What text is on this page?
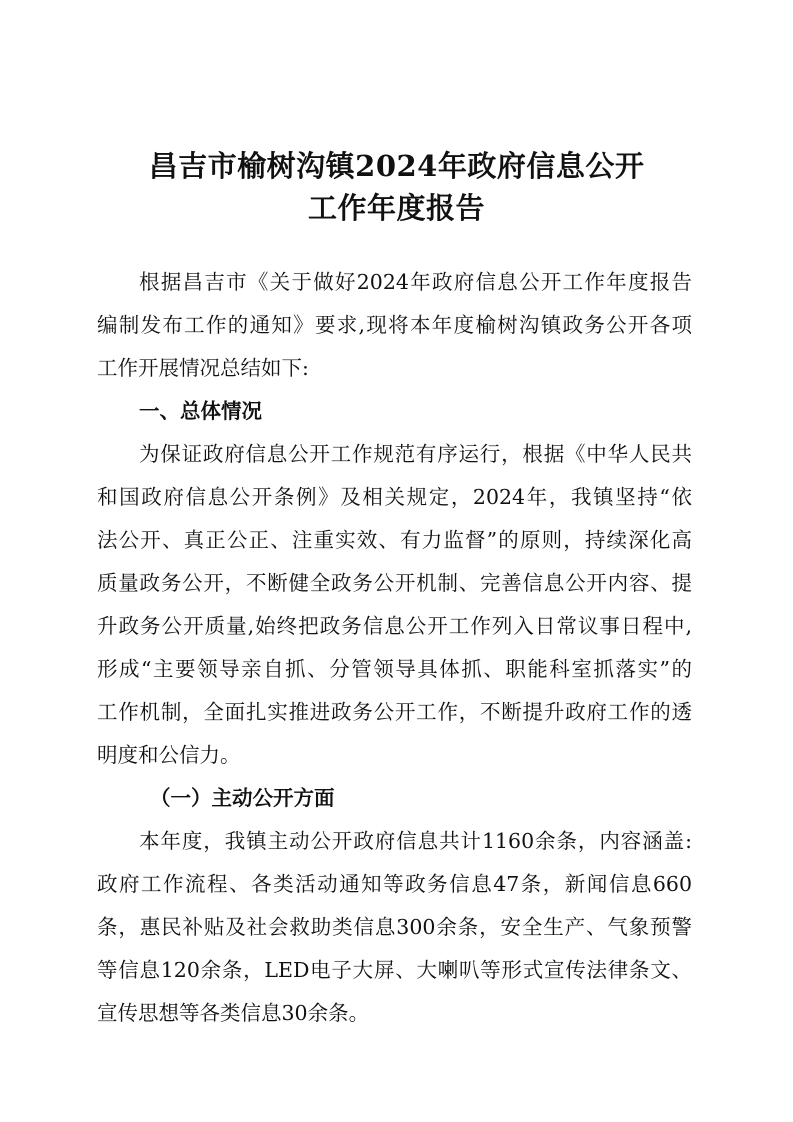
昌吉市榆树沟镇2024年政府信息公开
工作年度报告
根据昌吉市《关于做好2024年政府信息公开工作年度报告
编制发布工作的通知》要求,现将本年度榆树沟镇政务公开各项
工作开展情况总结如下:
一、总体情况
为保证政府信息公开工作规范有序运行，根据《中华人民共
和国政府信息公开条例》及相关规定，2024年，我镇坚持“依
法公开、真正公正、注重实效、有力监督”的原则，持续深化高
质量政务公开，不断健全政务公开机制、完善信息公开内容、提
升政务公开质量,始终把政务信息公开工作列入日常议事日程中,
形成“主要领导亲自抓、分管领导具体抓、职能科室抓落实”的
工作机制，全面扎实推进政务公开工作，不断提升政府工作的透
明度和公信力。
（一）主动公开方面
本年度，我镇主动公开政府信息共计1160余条，内容涵盖:
政府工作流程、各类活动通知等政务信息47条，新闻信息660
条，惠民补贴及社会救助类信息300余条，安全生产、气象预警
等信息120余条，LED电子大屏、大喇叭等形式宣传法律条文、
宣传思想等各类信息30余条。
